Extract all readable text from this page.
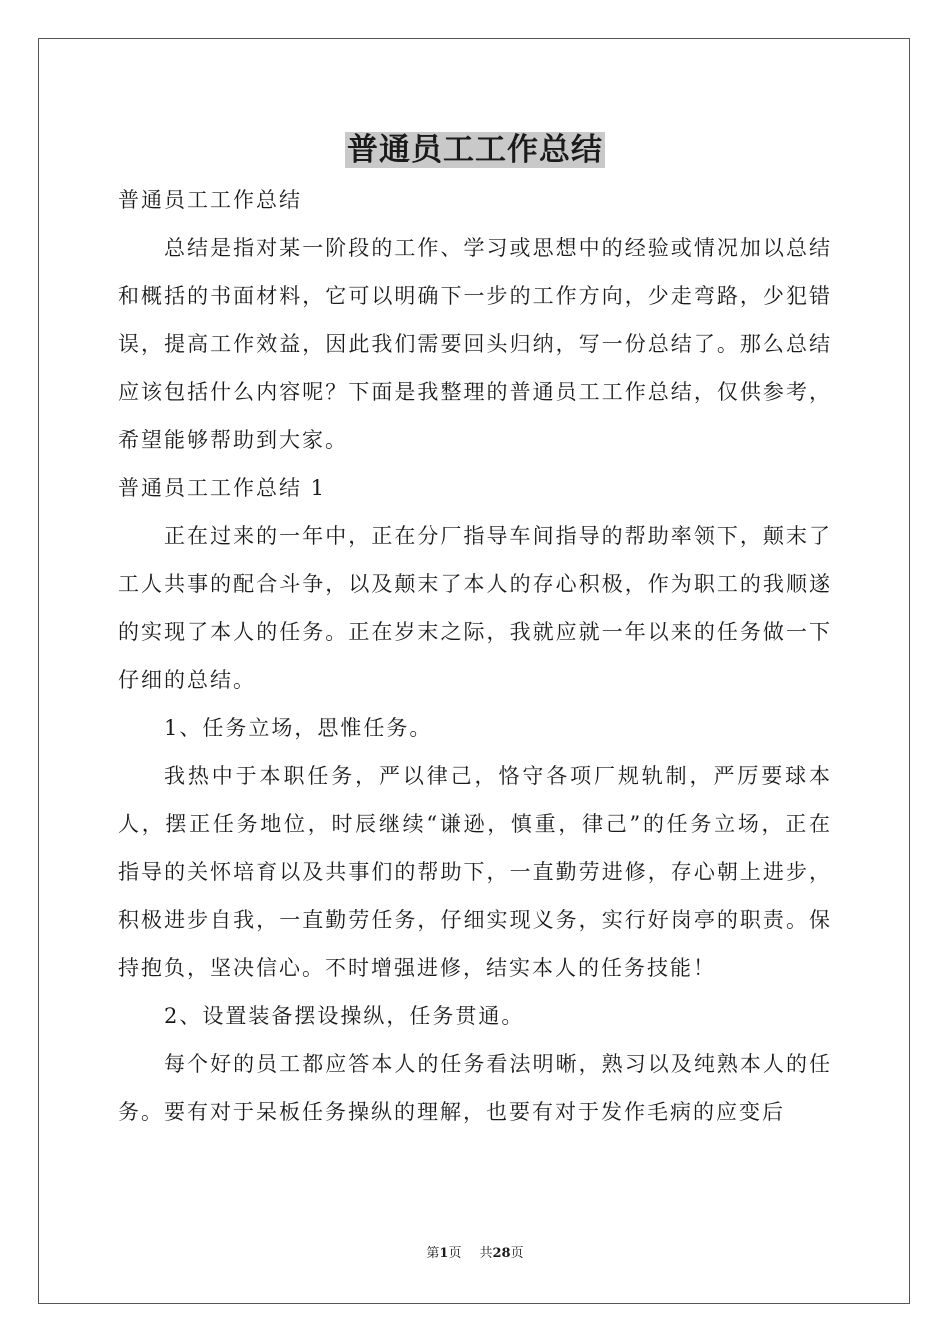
普通员工工作总结

普通员工工作总结

总结是指对某一阶段的工作、学习或思想中的经验或情况加以总结和概括的书面材料，它可以明确下一步的工作方向，少走弯路，少犯错误，提高工作效益，因此我们需要回头归纳，写一份总结了。那么总结应该包括什么内容呢？下面是我整理的普通员工工作总结，仅供参考，希望能够帮助到大家。

普通员工工作总结 1

正在过来的一年中，正在分厂指导车间指导的帮助率领下，颠末了工人共事的配合斗争，以及颠末了本人的存心积极，作为职工的我顺遂的实现了本人的任务。正在岁末之际，我就应就一年以来的任务做一下仔细的总结。

1、任务立场，思惟任务。

我热中于本职任务，严以律己，恪守各项厂规轨制，严厉要球本人，摆正任务地位，时辰继续“谦逊，慎重，律己”的任务立场，正在指导的关怀培育以及共事们的帮助下，一直勤劳进修，存心朝上进步，积极进步自我，一直勤劳任务，仔细实现义务，实行好岗亭的职责。保持抱负，坚决信心。不时增强进修，结实本人的任务技能！

2、设置装备摆设操纵，任务贯通。

每个好的员工都应答本人的任务看法明晰，熟习以及纯熟本人的任务。要有对于呆板任务操纵的理解，也要有对于发作毛病的应变后

第1页 共28页
